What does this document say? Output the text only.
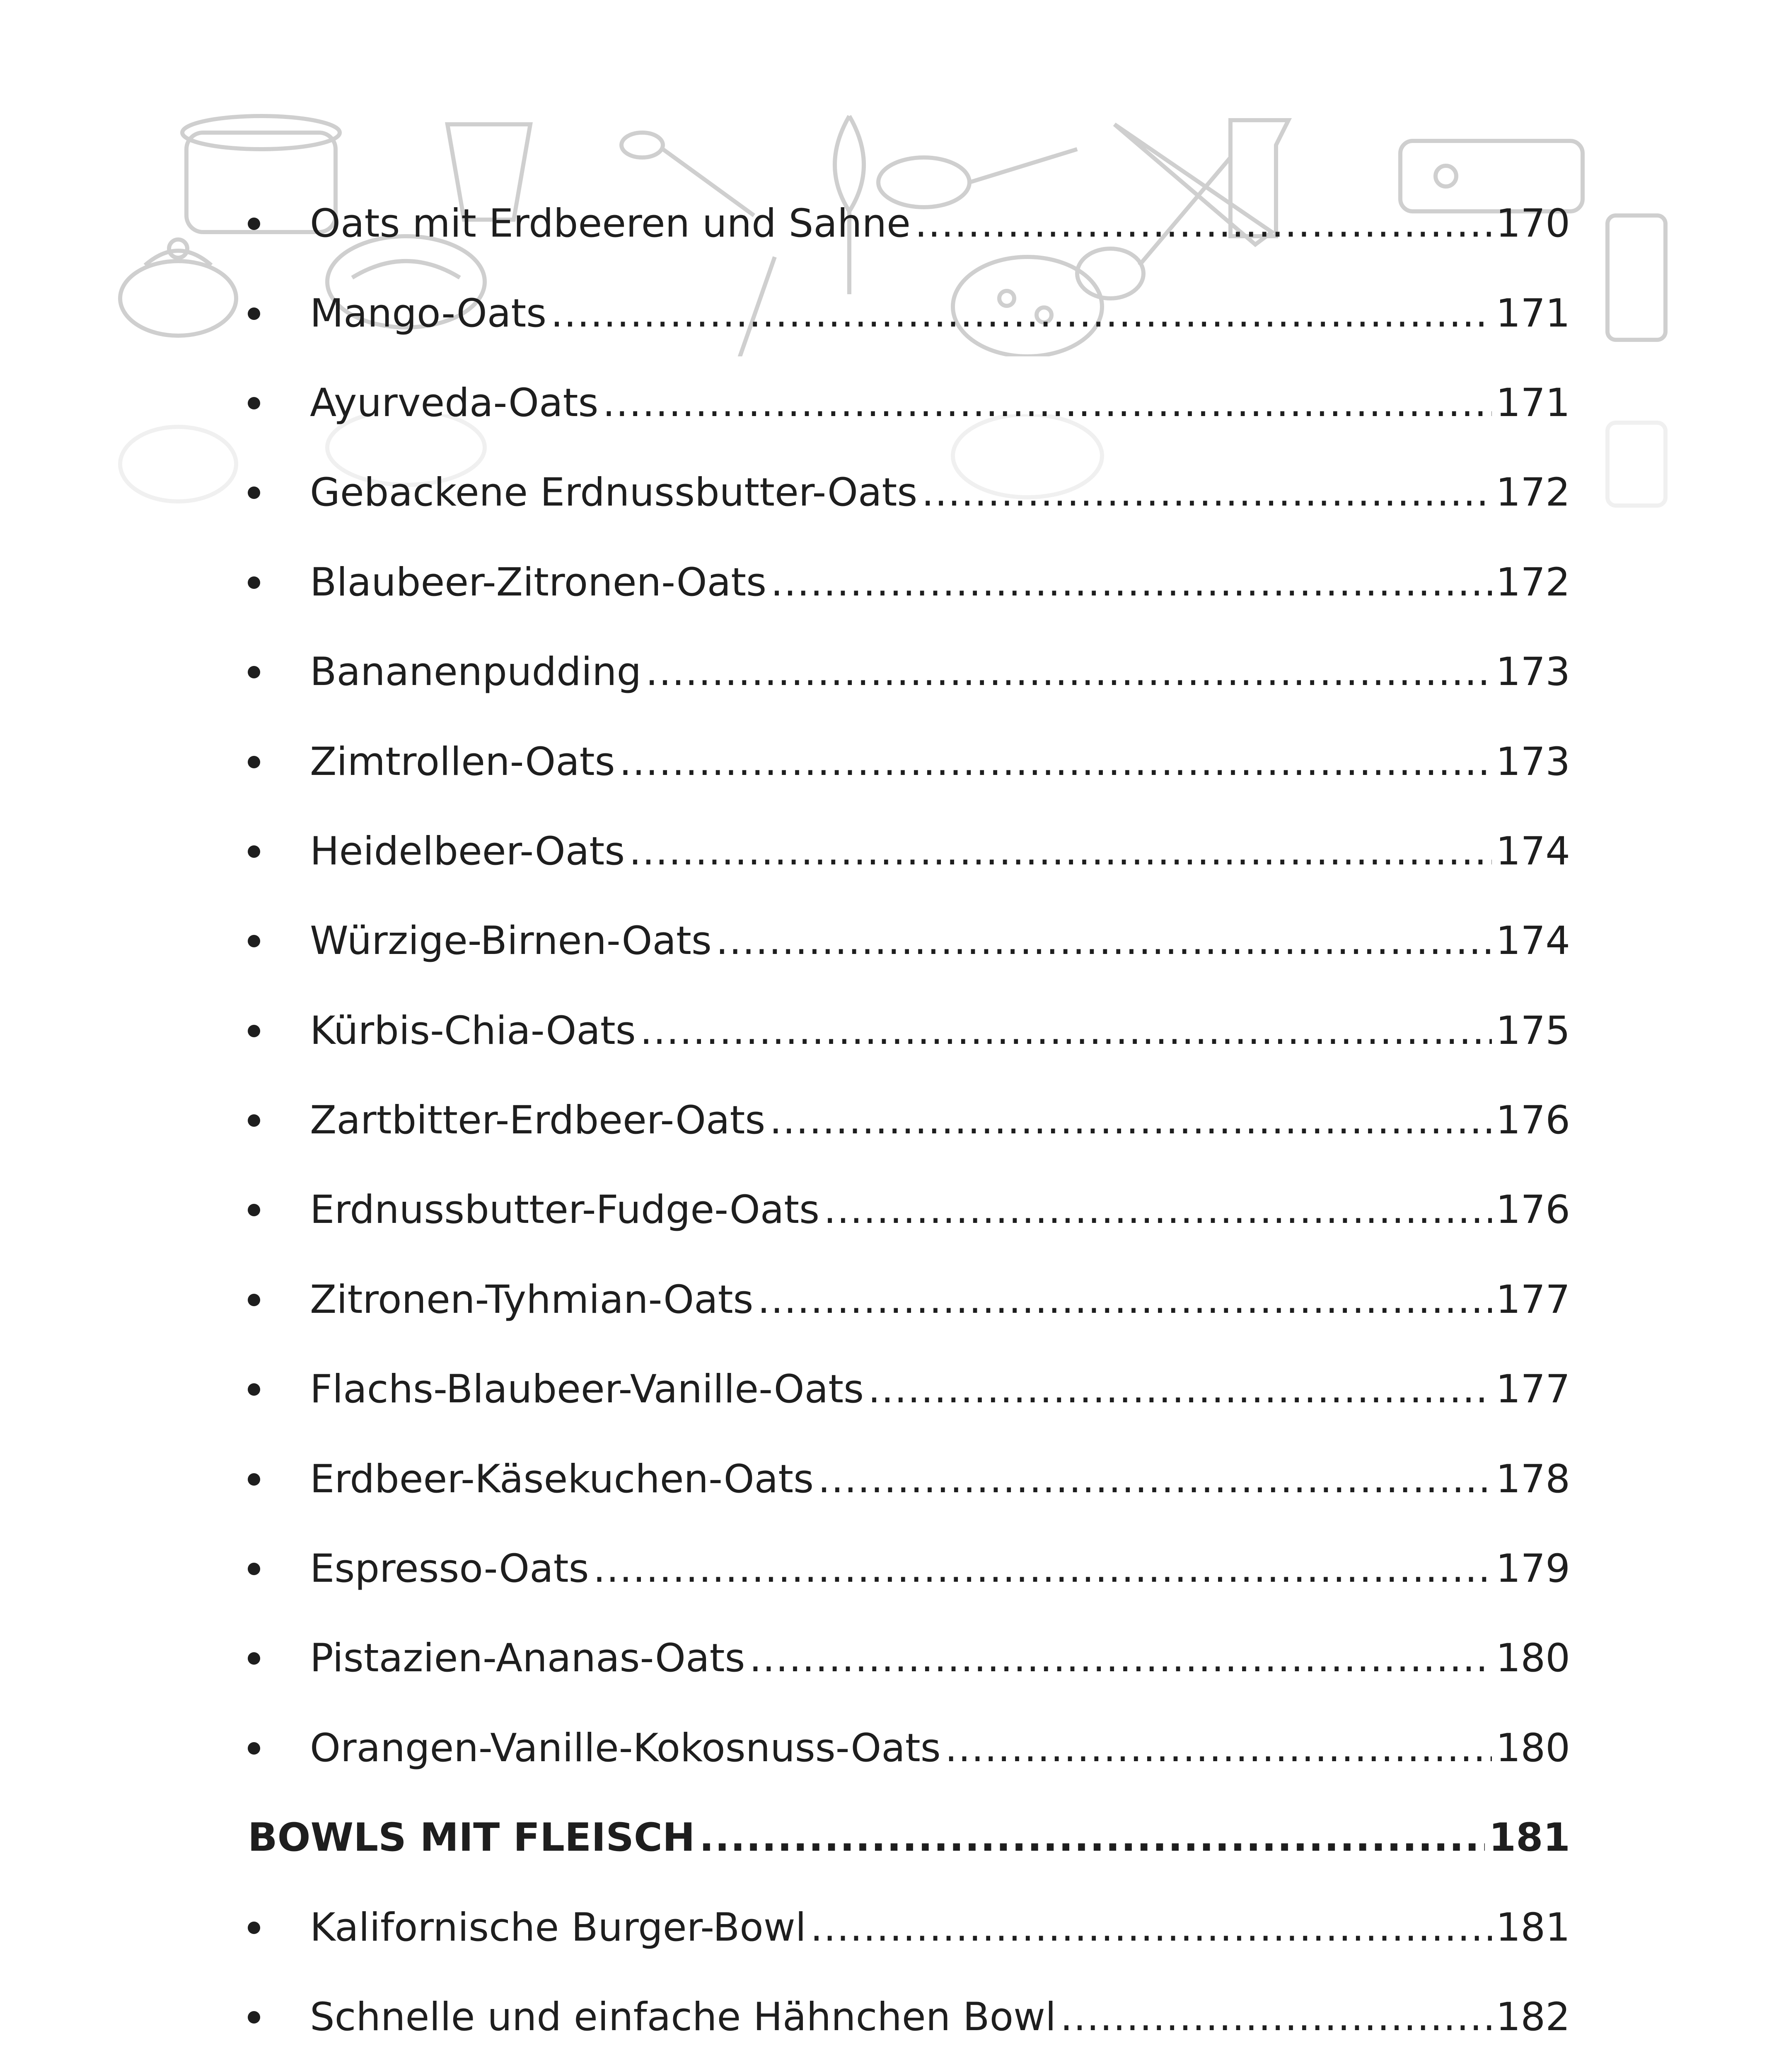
Oats mit Erdbeeren und Sahne .....	170
Mango-Oats .....	171
Ayurveda-Oats .....	171
Gebackene Erdnussbutter-Oats .....	172
Blaubeer-Zitronen-Oats .....	172
Bananenpudding .....	173
Zimtrollen-Oats .....	173
Heidelbeer-Oats .....	174
Würzige-Birnen-Oats .....	174
Kürbis-Chia-Oats .....	175
Zartbitter-Erdbeer-Oats .....	176
Erdnussbutter-Fudge-Oats .....	176
Zitronen-Tyhmian-Oats .....	177
Flachs-Blaubeer-Vanille-Oats .....	177
Erdbeer-Käsekuchen-Oats .....	178
Espresso-Oats .....	179
Pistazien-Ananas-Oats .....	180
Orangen-Vanille-Kokosnuss-Oats .....	180
BOWLS MIT FLEISCH .....	181
Kalifornische Burger-Bowl .....	181
Schnelle und einfache Hähnchen Bowl .....	182
